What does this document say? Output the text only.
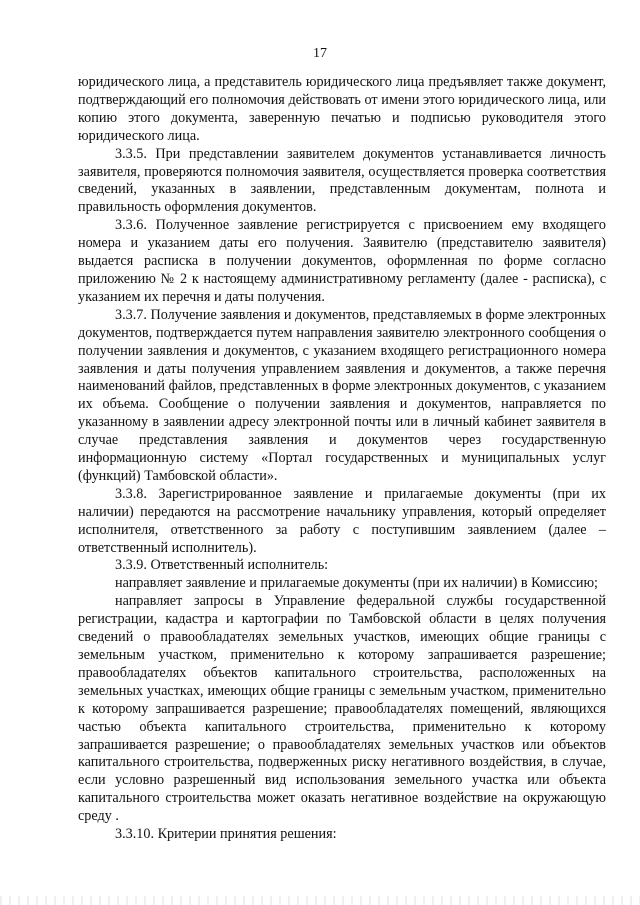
17

юридического лица, а представитель юридического лица предъявляет также документ, подтверждающий его полномочия действовать от имени этого юридического лица, или копию этого документа, заверенную печатью и подписью руководителя этого юридического лица.

3.3.5. При представлении заявителем документов устанавливается личность заявителя, проверяются полномочия заявителя, осуществляется проверка соответствия сведений, указанных в заявлении, представленным документам, полнота и правильность оформления документов.

3.3.6. Полученное заявление регистрируется с присвоением ему входящего номера и указанием даты его получения. Заявителю (представителю заявителя) выдается расписка в получении документов, оформленная по форме согласно приложению № 2 к настоящему административному регламенту (далее - расписка), с указанием их перечня и даты получения.

3.3.7. Получение заявления и документов, представляемых в форме электронных документов, подтверждается путем направления заявителю электронного сообщения о получении заявления и документов, с указанием входящего регистрационного номера заявления и даты получения управлением заявления и документов, а также перечня наименований файлов, представленных в форме электронных документов, с указанием их объема. Сообщение о получении заявления и документов, направляется по указанному в заявлении адресу электронной почты или в личный кабинет заявителя в случае представления заявления и документов через государственную информационную систему «Портал государственных и муниципальных услуг (функций) Тамбовской области».

3.3.8. Зарегистрированное заявление и прилагаемые документы (при их наличии) передаются на рассмотрение начальнику управления, который определяет исполнителя, ответственного за работу с поступившим заявлением (далее – ответственный исполнитель).

3.3.9. Ответственный исполнитель:

направляет заявление и прилагаемые документы (при их наличии) в Комиссию;

направляет запросы в Управление федеральной службы государственной регистрации, кадастра и картографии по Тамбовской области в целях получения сведений о правообладателях земельных участков, имеющих общие границы с земельным участком, применительно к которому запрашивается разрешение; правообладателях объектов капитального строительства, расположенных на земельных участках, имеющих общие границы с земельным участком, применительно к которому запрашивается разрешение; правообладателях помещений, являющихся частью объекта капитального строительства, применительно к которому запрашивается разрешение; о правообладателях земельных участков или объектов капитального строительства, подверженных риску негативного воздействия, в случае, если условно разрешенный вид использования земельного участка или объекта капитального строительства может оказать негативное воздействие на окружающую среду .

3.3.10. Критерии принятия решения:
